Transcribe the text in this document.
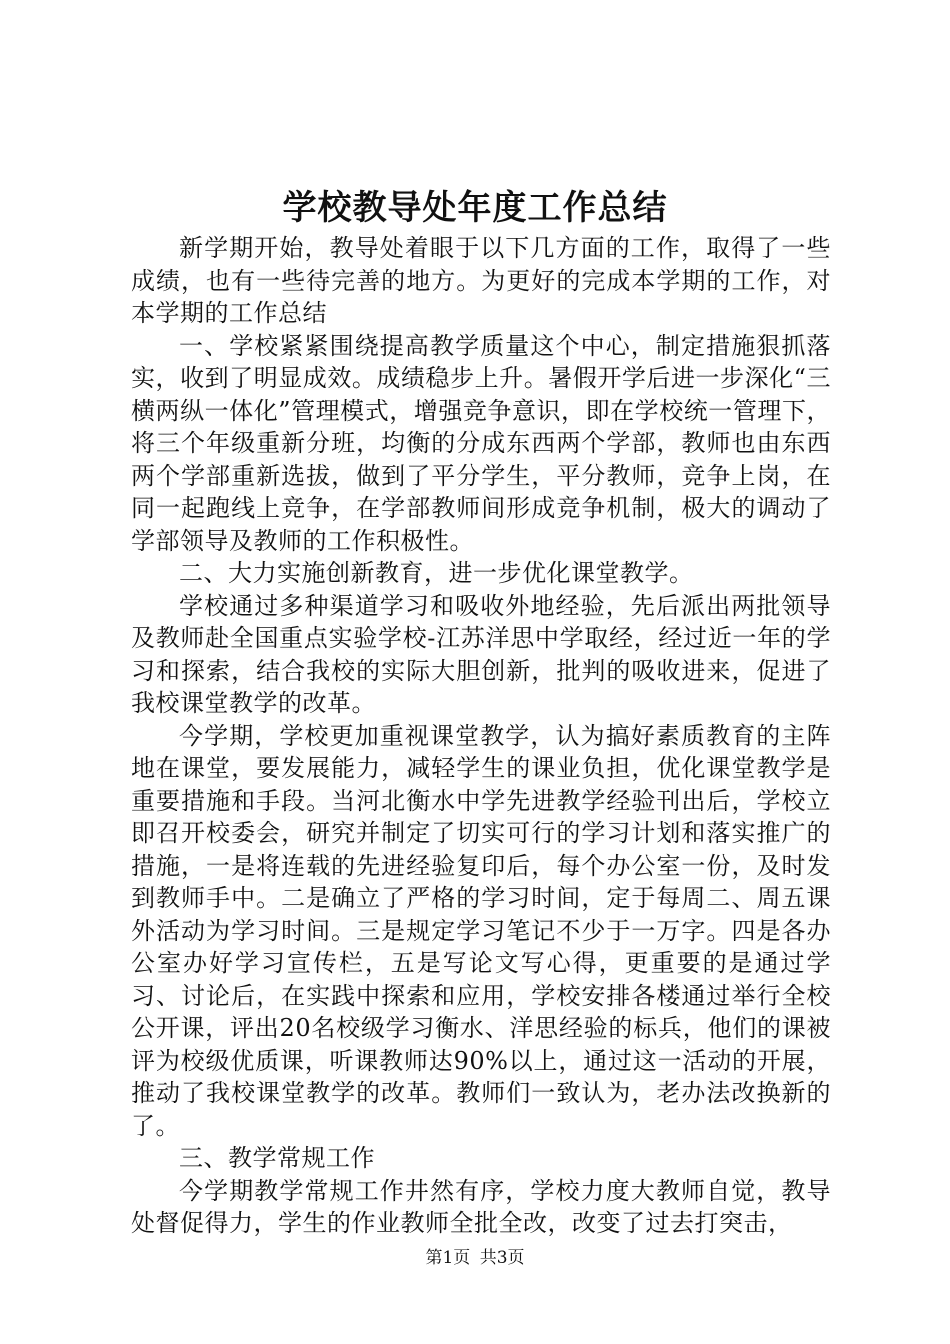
学校教导处年度工作总结

新学期开始，教导处着眼于以下几方面的工作，取得了一些成绩，也有一些待完善的地方。为更好的完成本学期的工作，对本学期的工作总结

一、学校紧紧围绕提高教学质量这个中心，制定措施狠抓落实，收到了明显成效。成绩稳步上升。暑假开学后进一步深化“三横两纵一体化”管理模式，增强竞争意识，即在学校统一管理下，将三个年级重新分班，均衡的分成东西两个学部，教师也由东西两个学部重新选拔，做到了平分学生，平分教师，竞争上岗，在同一起跑线上竞争，在学部教师间形成竞争机制，极大的调动了学部领导及教师的工作积极性。

二、大力实施创新教育，进一步优化课堂教学。

学校通过多种渠道学习和吸收外地经验，先后派出两批领导及教师赴全国重点实验学校-江苏洋思中学取经，经过近一年的学习和探索，结合我校的实际大胆创新，批判的吸收进来，促进了我校课堂教学的改革。

今学期，学校更加重视课堂教学，认为搞好素质教育的主阵地在课堂，要发展能力，减轻学生的课业负担，优化课堂教学是重要措施和手段。当河北衡水中学先进教学经验刊出后，学校立即召开校委会，研究并制定了切实可行的学习计划和落实推广的措施，一是将连载的先进经验复印后，每个办公室一份，及时发到教师手中。二是确立了严格的学习时间，定于每周二、周五课外活动为学习时间。三是规定学习笔记不少于一万字。四是各办公室办好学习宣传栏，五是写论文写心得，更重要的是通过学习、讨论后，在实践中探索和应用，学校安排各楼通过举行全校公开课，评出20名校级学习衡水、洋思经验的标兵，他们的课被评为校级优质课，听课教师达90%以上，通过这一活动的开展，推动了我校课堂教学的改革。教师们一致认为，老办法改换新的了。

三、教学常规工作

今学期教学常规工作井然有序，学校力度大教师自觉，教导处督促得力，学生的作业教师全批全改，改变了过去打突击，

第1页 共3页
